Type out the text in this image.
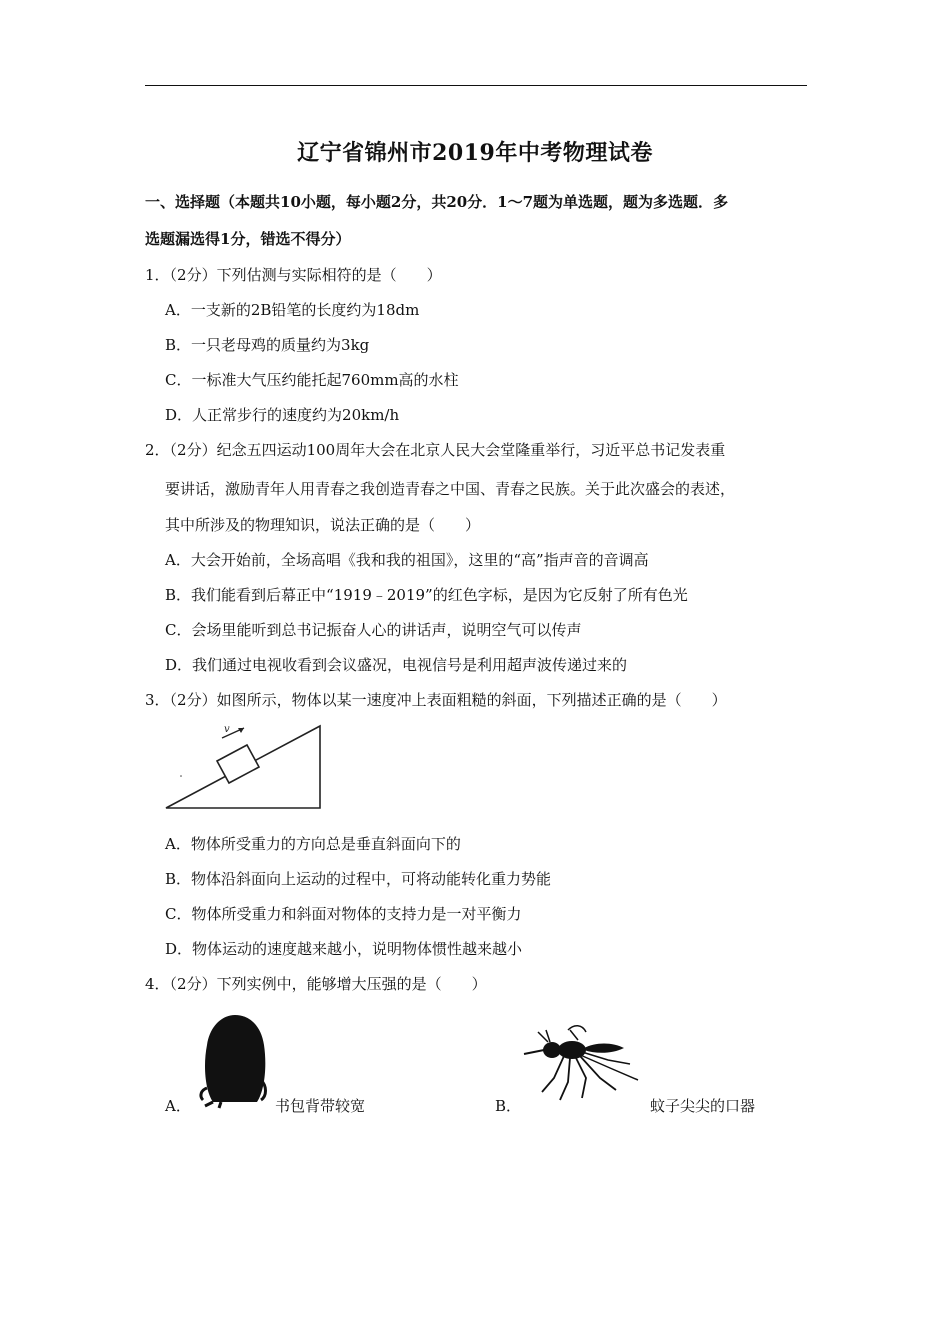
辽宁省锦州市2019年中考物理试卷
一、选择题（本题共10小题，每小题2分，共20分．1～7题为单选题，题为多选题．多
选题漏选得1分，错选不得分）
1．（2分）下列估测与实际相符的是（　　）
A．一支新的2B铅笔的长度约为18dm
B．一只老母鸡的质量约为3kg
C．一标准大气压约能托起760mm高的水柱
D．人正常步行的速度约为20km/h
2．（2分）纪念五四运动100周年大会在北京人民大会堂隆重举行，习近平总书记发表重
要讲话，激励青年人用青春之我创造青春之中国、青春之民族。关于此次盛会的表述，
其中所涉及的物理知识，说法正确的是（　　）
A．大会开始前，全场高唱《我和我的祖国》，这里的“高”指声音的音调高
B．我们能看到后幕正中“1919﹣2019”的红色字标，是因为它反射了所有色光
C．会场里能听到总书记振奋人心的讲话声，说明空气可以传声
D．我们通过电视收看到会议盛况，电视信号是利用超声波传递过来的
3．（2分）如图所示，物体以某一速度冲上表面粗糙的斜面，下列描述正确的是（　　）
v
A．物体所受重力的方向总是垂直斜面向下的
B．物体沿斜面向上运动的过程中，可将动能转化重力势能
C．物体所受重力和斜面对物体的支持力是一对平衡力
D．物体运动的速度越来越小，说明物体惯性越来越小
4．（2分）下列实例中，能够增大压强的是（　　）
A．	书包背带较宽	B．	蚊子尖尖的口器
